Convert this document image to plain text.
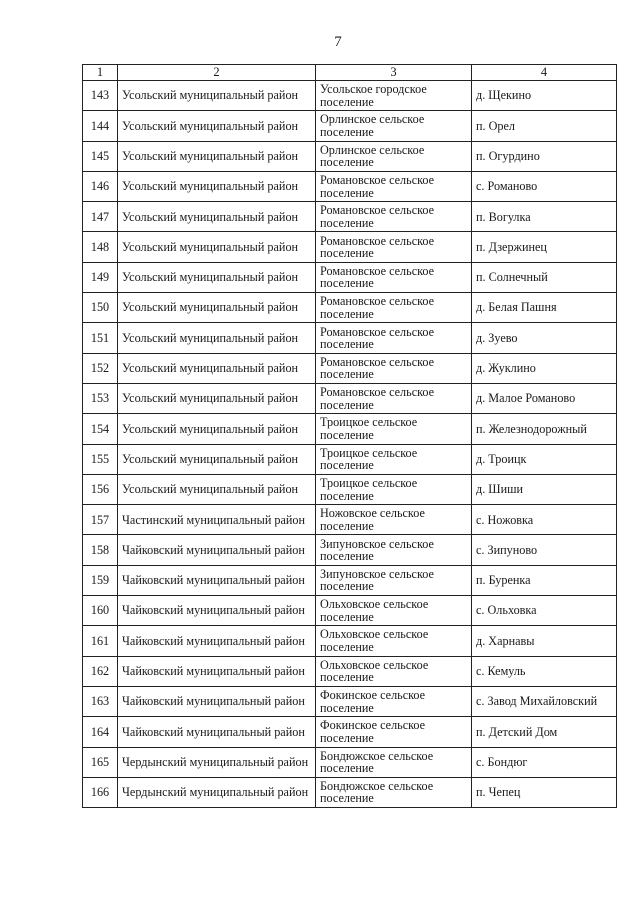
7
1	2	3	4
143	Усольский муниципальный район	Усольское городское поселение	д. Щекино
144	Усольский муниципальный район	Орлинское сельское поселение	п. Орел
145	Усольский муниципальный район	Орлинское сельское поселение	п. Огурдино
146	Усольский муниципальный район	Романовское сельское поселение	с. Романово
147	Усольский муниципальный район	Романовское сельское поселение	п. Вогулка
148	Усольский муниципальный район	Романовское сельское поселение	п. Дзержинец
149	Усольский муниципальный район	Романовское сельское поселение	п. Солнечный
150	Усольский муниципальный район	Романовское сельское поселение	д. Белая Пашня
151	Усольский муниципальный район	Романовское сельское поселение	д. Зуево
152	Усольский муниципальный район	Романовское сельское поселение	д. Жуклино
153	Усольский муниципальный район	Романовское сельское поселение	д. Малое Романово
154	Усольский муниципальный район	Троицкое сельское поселение	п. Железнодорожный
155	Усольский муниципальный район	Троицкое сельское поселение	д. Троицк
156	Усольский муниципальный район	Троицкое сельское поселение	д. Шиши
157	Частинский муниципальный район	Ножовское сельское поселение	с. Ножовка
158	Чайковский муниципальный район	Зипуновское сельское поселение	с. Зипуново
159	Чайковский муниципальный район	Зипуновское сельское поселение	п. Буренка
160	Чайковский муниципальный район	Ольховское сельское поселение	с. Ольховка
161	Чайковский муниципальный район	Ольховское сельское поселение	д. Харнавы
162	Чайковский муниципальный район	Ольховское сельское поселение	с. Кемуль
163	Чайковский муниципальный район	Фокинское сельское поселение	с. Завод Михайловский
164	Чайковский муниципальный район	Фокинское сельское поселение	п. Детский Дом
165	Чердынский муниципальный район	Бондюжское сельское поселение	с. Бондюг
166	Чердынский муниципальный район	Бондюжское сельское поселение	п. Чепец
